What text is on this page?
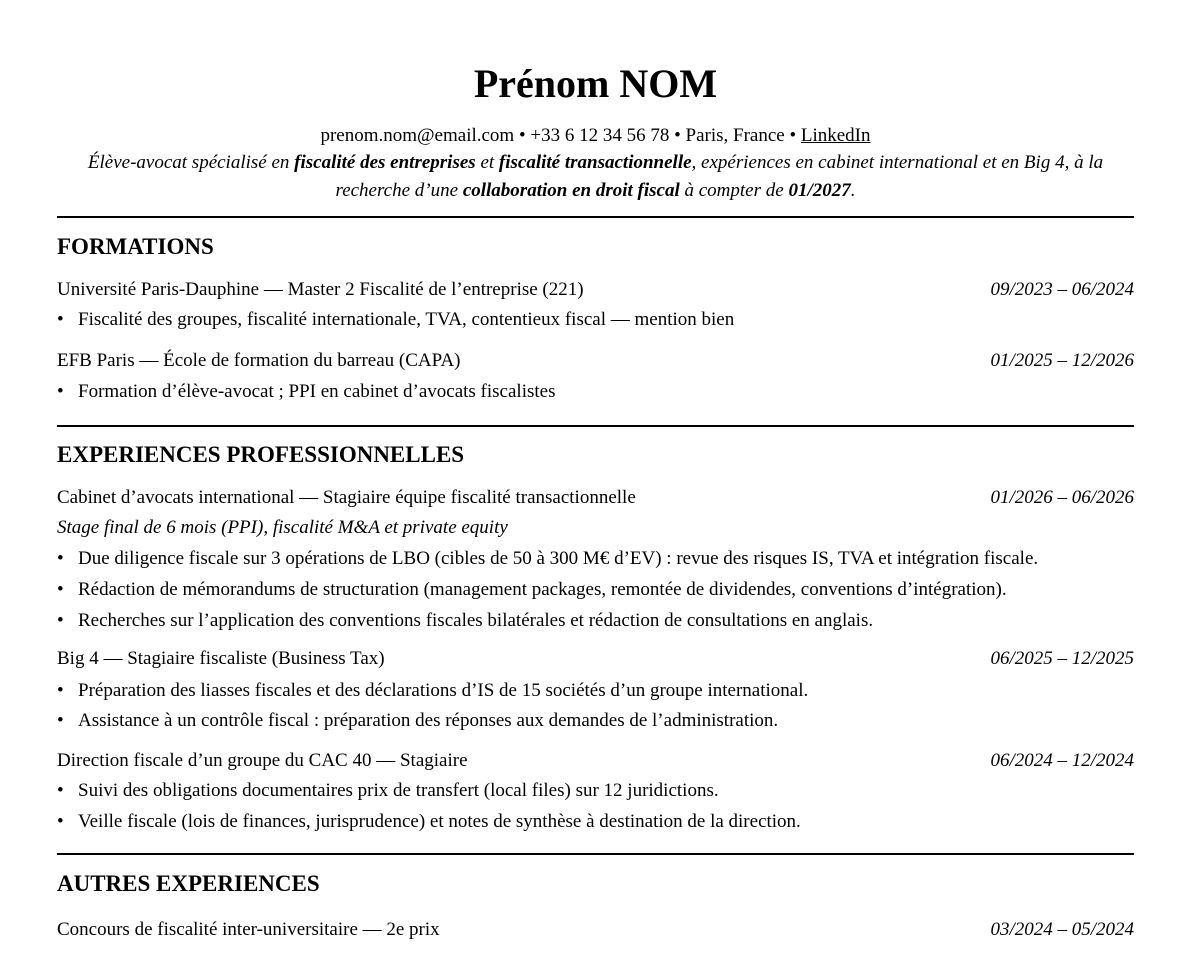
Prénom NOM
prenom.nom@email.com • +33 6 12 34 56 78 • Paris, France • LinkedIn
Élève-avocat spécialisé en fiscalité des entreprises et fiscalité transactionnelle, expériences en cabinet international et en Big 4, à la recherche d’une collaboration en droit fiscal à compter de 01/2027.
FORMATIONS
Université Paris-Dauphine — Master 2 Fiscalité de l’entreprise (221)	09/2023 – 06/2024
• Fiscalité des groupes, fiscalité internationale, TVA, contentieux fiscal — mention bien
EFB Paris — École de formation du barreau (CAPA)	01/2025 – 12/2026
• Formation d’élève-avocat ; PPI en cabinet d’avocats fiscalistes
EXPERIENCES PROFESSIONNELLES
Cabinet d’avocats international — Stagiaire équipe fiscalité transactionnelle	01/2026 – 06/2026
Stage final de 6 mois (PPI), fiscalité M&A et private equity
• Due diligence fiscale sur 3 opérations de LBO (cibles de 50 à 300 M€ d’EV) : revue des risques IS, TVA et intégration fiscale.
• Rédaction de mémorandums de structuration (management packages, remontée de dividendes, conventions d’intégration).
• Recherches sur l’application des conventions fiscales bilatérales et rédaction de consultations en anglais.
Big 4 — Stagiaire fiscaliste (Business Tax)	06/2025 – 12/2025
• Préparation des liasses fiscales et des déclarations d’IS de 15 sociétés d’un groupe international.
• Assistance à un contrôle fiscal : préparation des réponses aux demandes de l’administration.
Direction fiscale d’un groupe du CAC 40 — Stagiaire	06/2024 – 12/2024
• Suivi des obligations documentaires prix de transfert (local files) sur 12 juridictions.
• Veille fiscale (lois de finances, jurisprudence) et notes de synthèse à destination de la direction.
AUTRES EXPERIENCES
Concours de fiscalité inter-universitaire — 2e prix	03/2024 – 05/2024
